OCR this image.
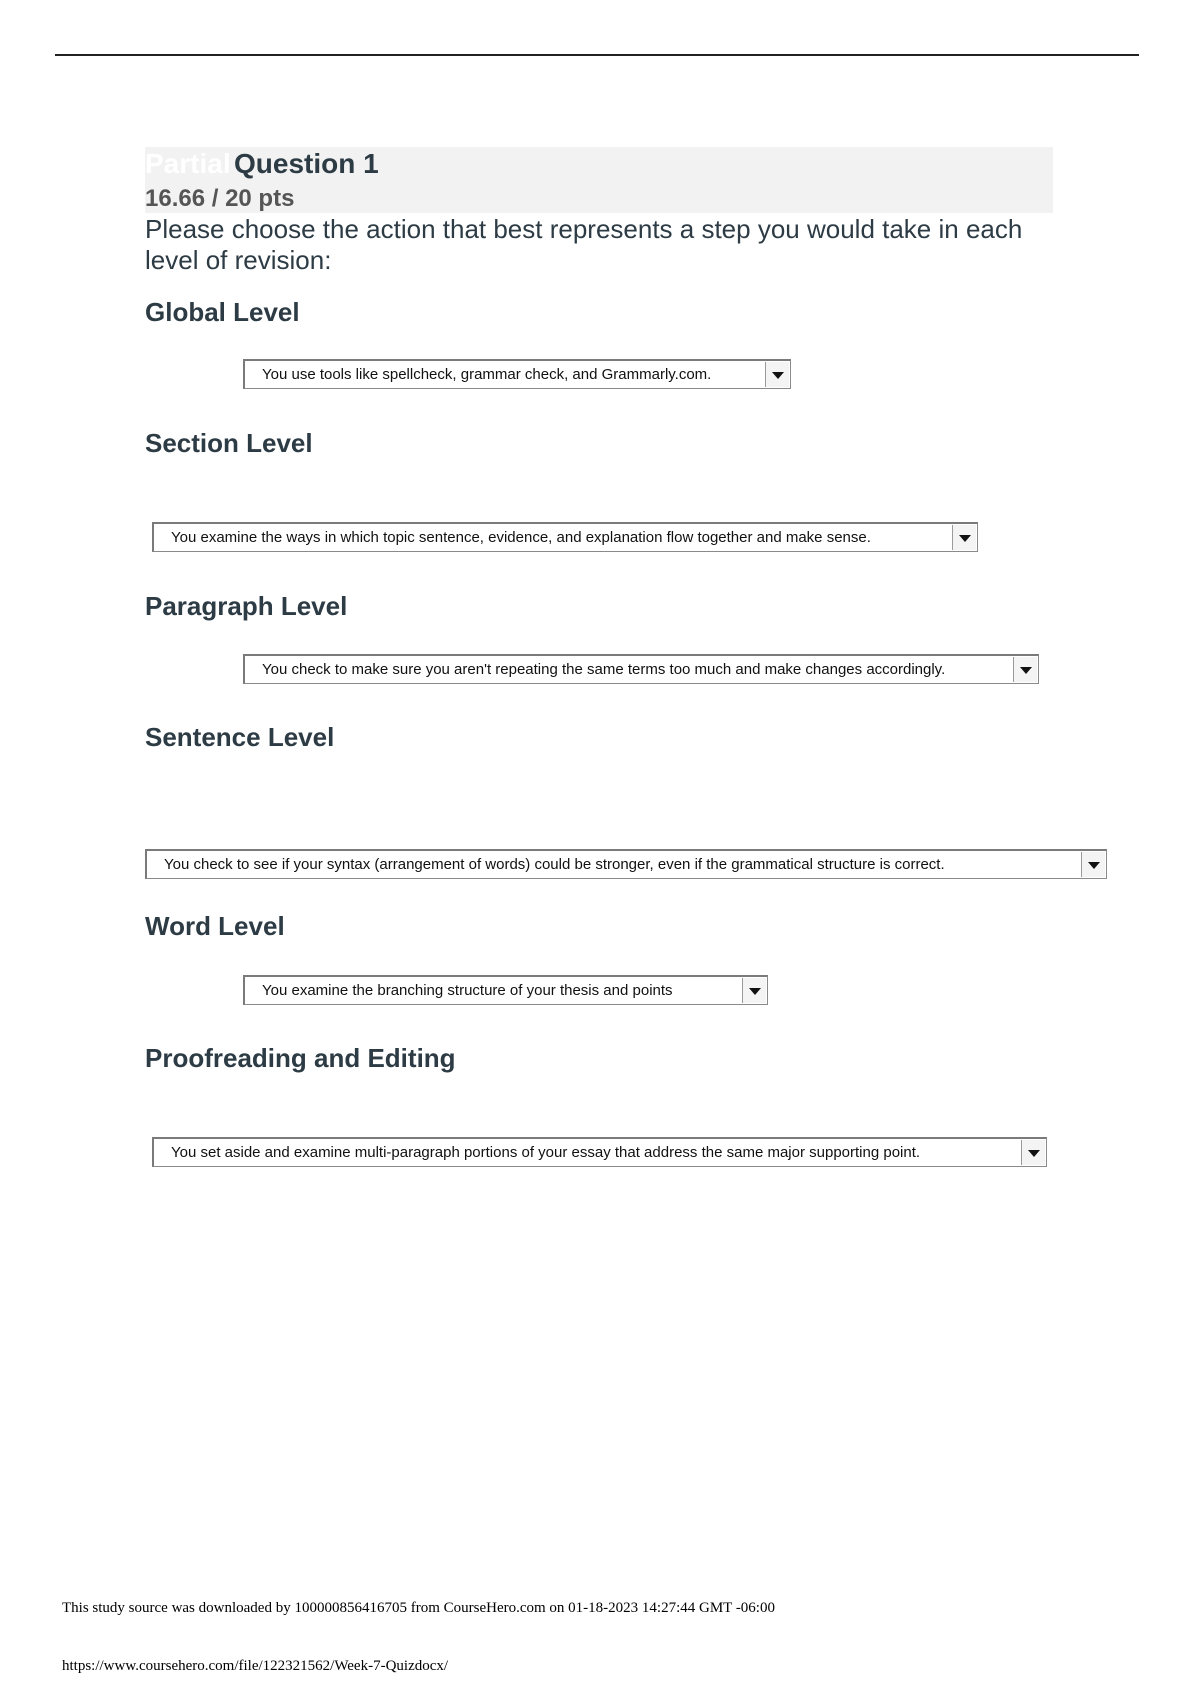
Partial Question 1
16.66 / 20 pts
Please choose the action that best represents a step you would take in each level of revision:
Global Level
You use tools like spellcheck, grammar check, and Grammarly.com.
Section Level
You examine the ways in which topic sentence, evidence, and explanation flow together and make sense.
Paragraph Level
You check to make sure you aren't repeating the same terms too much and make changes accordingly.
Sentence Level
You check to see if your syntax (arrangement of words) could be stronger, even if the grammatical structure is correct.
Word Level
You examine the branching structure of your thesis and points
Proofreading and Editing
You set aside and examine multi-paragraph portions of your essay that address the same major supporting point.
This study source was downloaded by 100000856416705 from CourseHero.com on 01-18-2023 14:27:44 GMT -06:00
https://www.coursehero.com/file/122321562/Week-7-Quizdocx/
